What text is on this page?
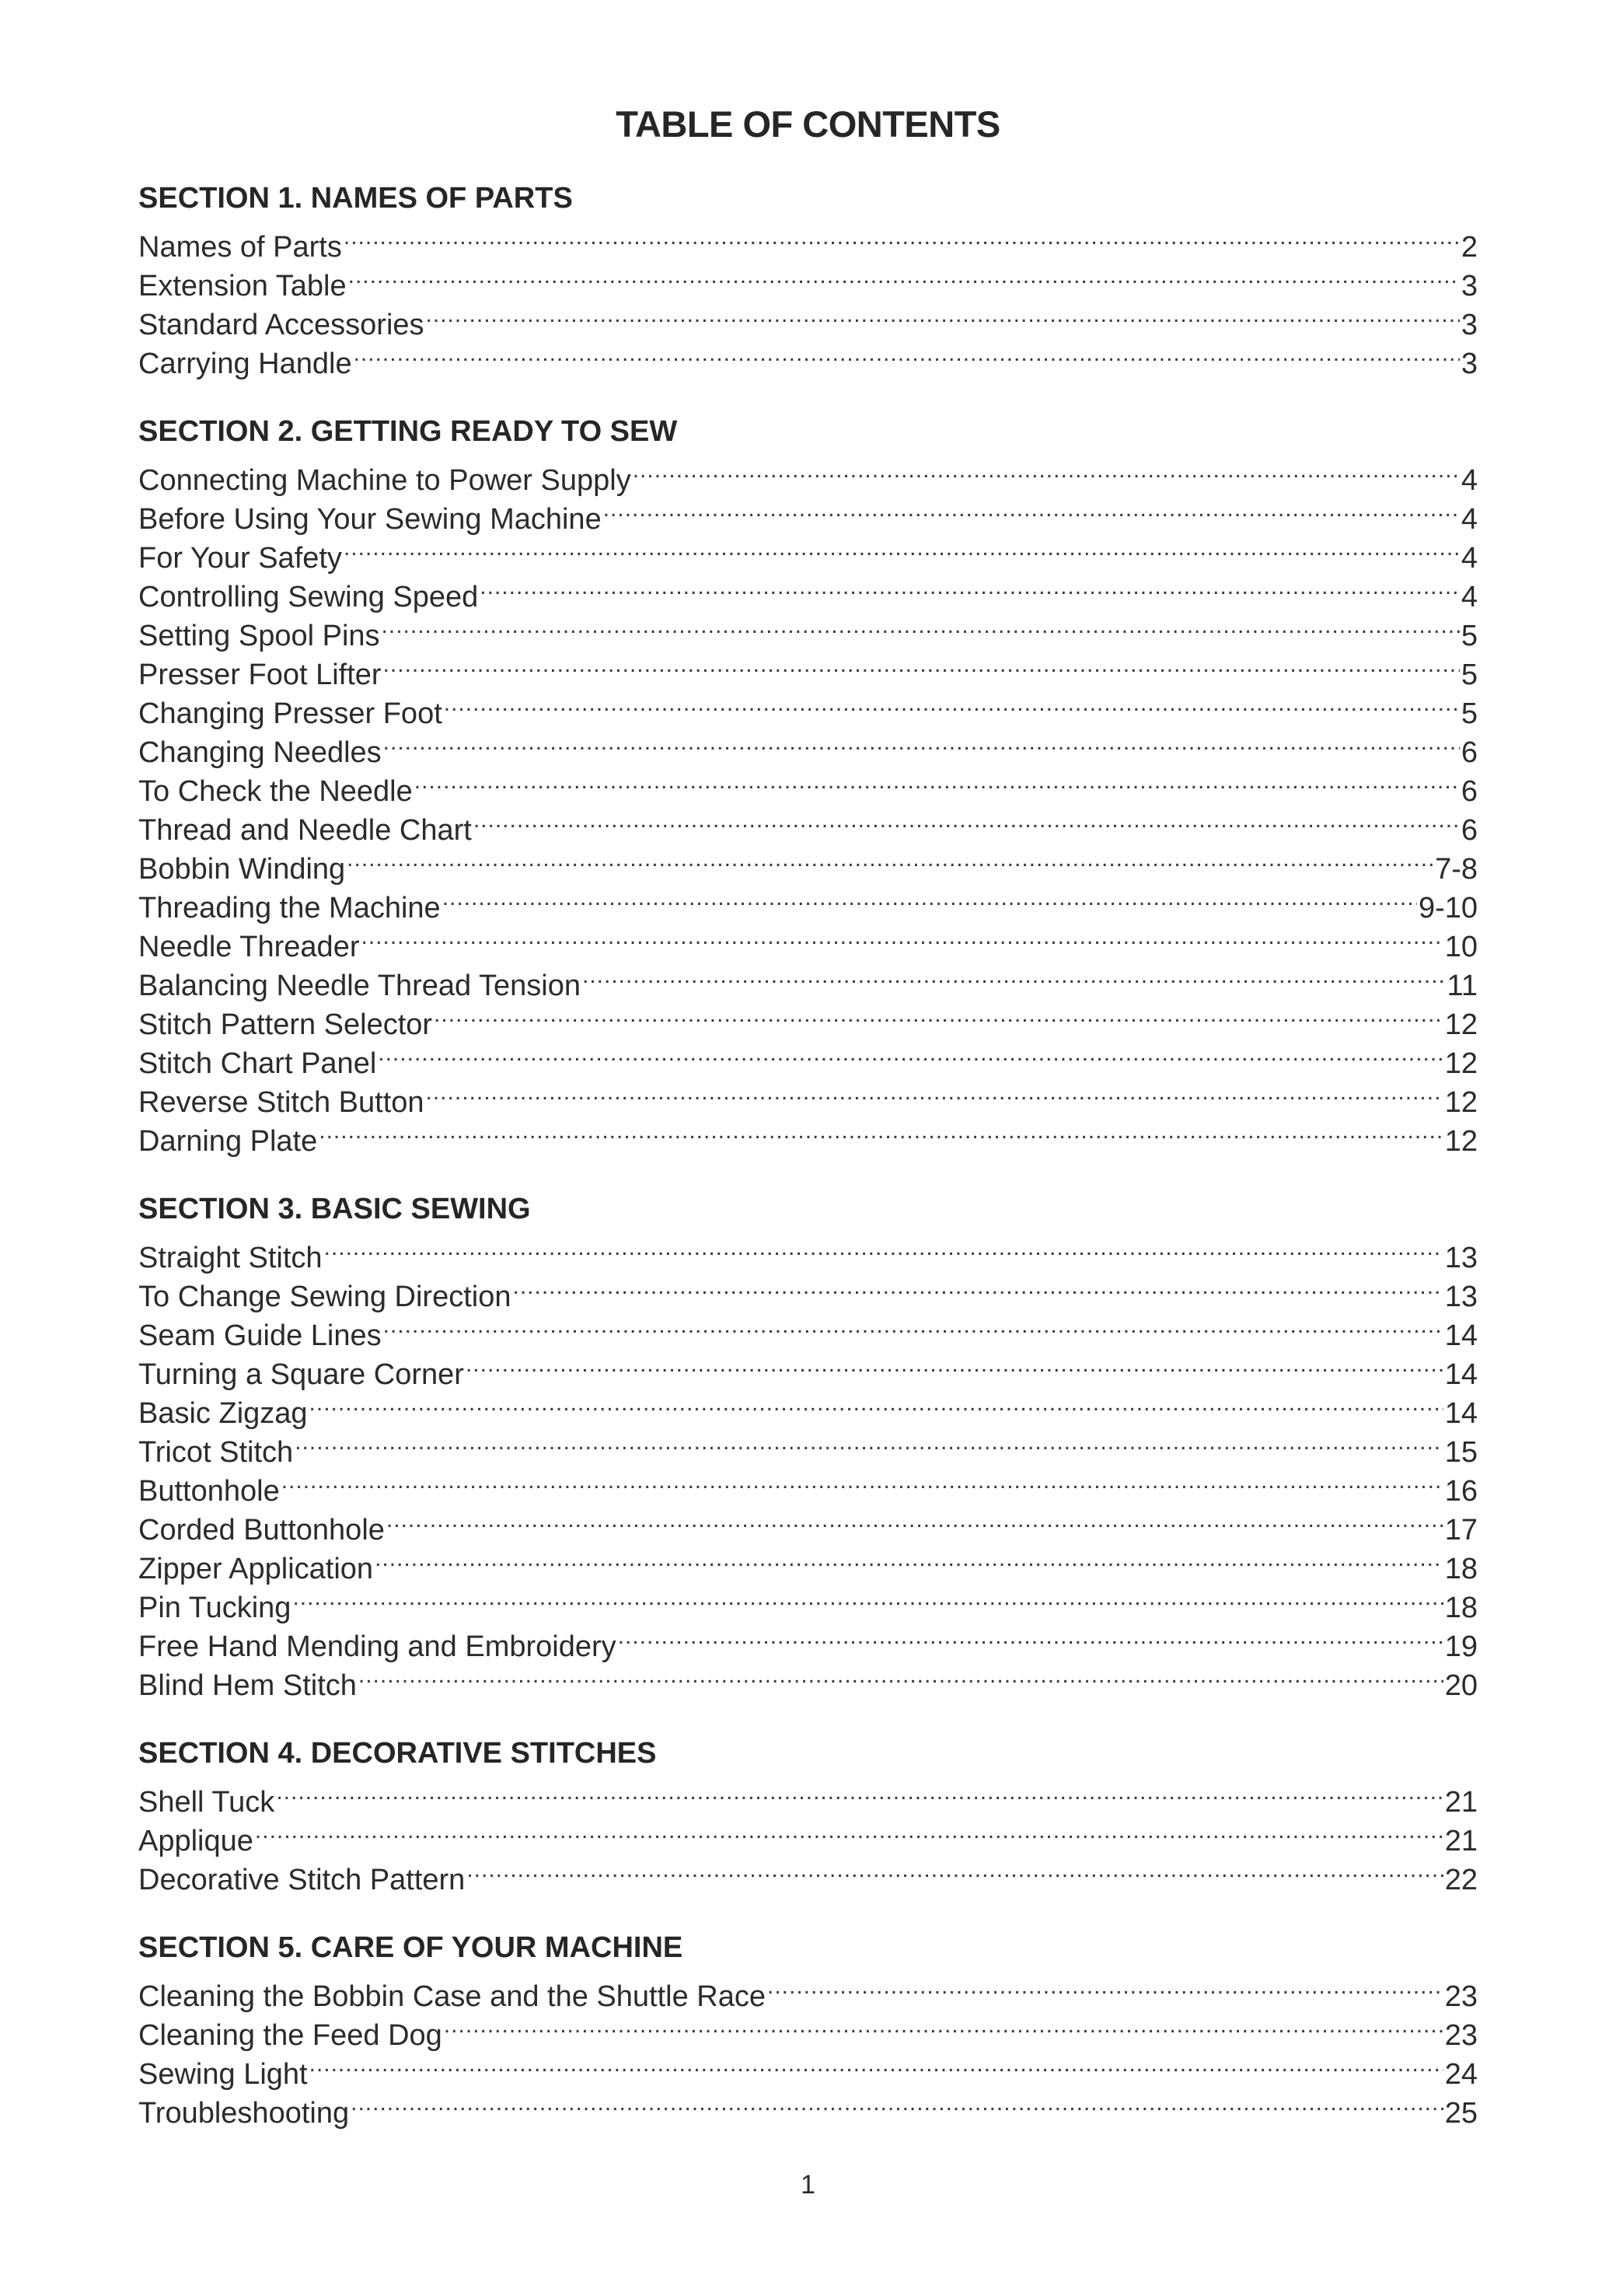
TABLE OF CONTENTS
SECTION 1. NAMES OF PARTS
Names of Parts .....	2
Extension Table .....	3
Standard Accessories .....	3
Carrying Handle .....	3
SECTION 2. GETTING READY TO SEW
Connecting Machine to Power Supply .....	4
Before Using Your Sewing Machine .....	4
For Your Safety .....	4
Controlling Sewing Speed .....	4
Setting Spool Pins .....	5
Presser Foot Lifter .....	5
Changing Presser Foot .....	5
Changing Needles .....	6
To Check the Needle .....	6
Thread and Needle Chart .....	6
Bobbin Winding .....	7-8
Threading the Machine .....	9-10
Needle Threader .....	10
Balancing Needle Thread Tension .....	11
Stitch Pattern Selector .....	12
Stitch Chart Panel .....	12
Reverse Stitch Button .....	12
Darning Plate .....	12
SECTION 3. BASIC SEWING
Straight Stitch .....	13
To Change Sewing Direction .....	13
Seam Guide Lines .....	14
Turning a Square Corner .....	14
Basic Zigzag .....	14
Tricot Stitch .....	15
Buttonhole .....	16
Corded Buttonhole .....	17
Zipper Application .....	18
Pin Tucking .....	18
Free Hand Mending and Embroidery .....	19
Blind Hem Stitch .....	20
SECTION 4. DECORATIVE STITCHES
Shell Tuck .....	21
Applique .....	21
Decorative Stitch Pattern .....	22
SECTION 5. CARE OF YOUR MACHINE
Cleaning the Bobbin Case and the Shuttle Race .....	23
Cleaning the Feed Dog .....	23
Sewing Light .....	24
Troubleshooting .....	25
1
